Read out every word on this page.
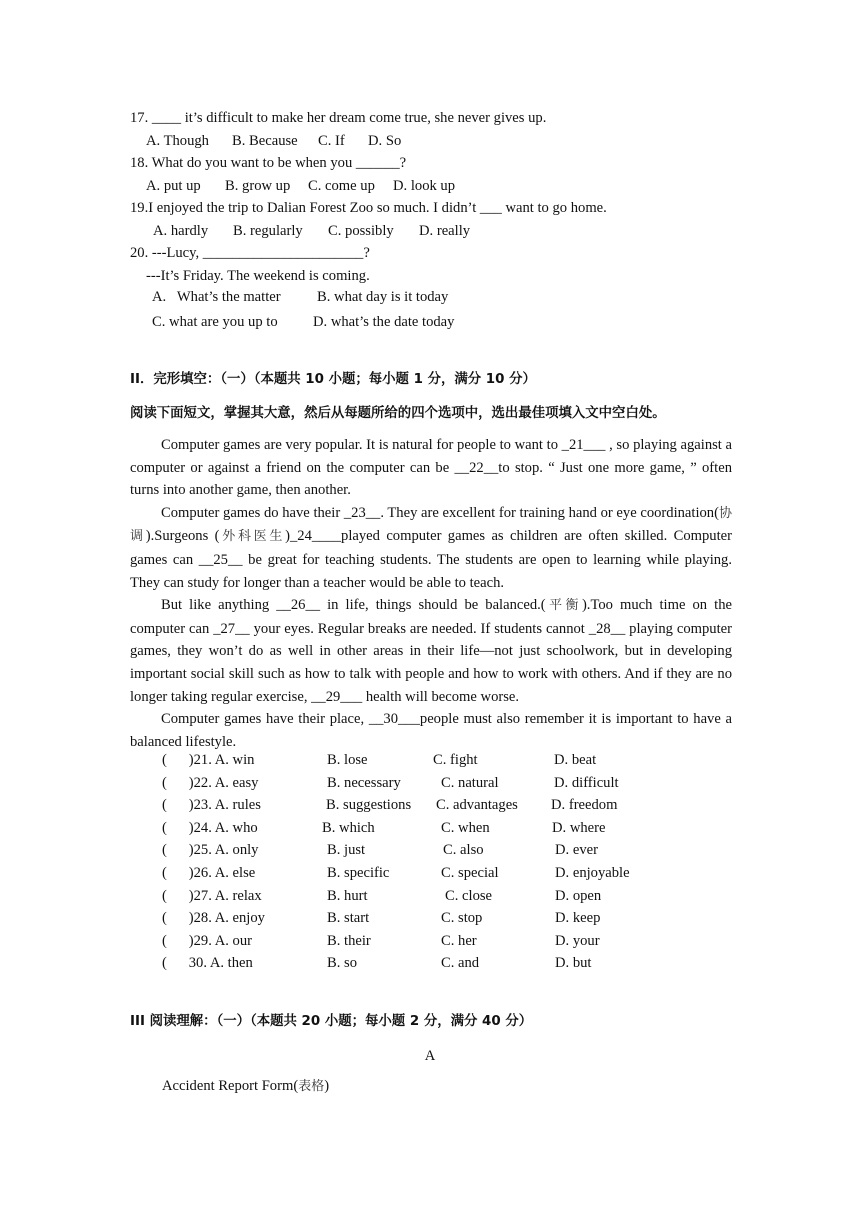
17. ____ it’s difficult to make her dream come true, she never gives up.
A. Though B. Because C. If D. So
18. What do you want to be when you ______?
A. put up B. grow up C. come up D. look up
19.I enjoyed the trip to Dalian Forest Zoo so much. I didn’t ___ want to go home.
A. hardly B. regularly C. possibly D. really
20. ---Lucy, ______________________?
---It’s Friday. The weekend is coming.
A.   What’s the matter B. what day is it today
C. what are you up to D. what’s the date today
II．完形填空：（一）（本题共 10 小题；每小题 1 分，满分 10 分）
阅读下面短文，掌握其大意，然后从每题所给的四个选项中，选出最佳项填入文中空白处。

Computer games are very popular. It is natural for people to want to _21___ , so playing against a computer or against a friend on the computer can be __22__to stop. “ Just one more game, ” often turns into another game, then another.

Computer games do have their _23__. They are excellent for training hand or eye coordination(协调).Surgeons (外科医生)_24____played computer games as children are often skilled. Computer games can __25__ be great for teaching students. The students are open to learning while playing. They can study for longer than a teacher would be able to teach.

But like anything __26__ in life, things should be balanced.(平衡).Too much time on the computer can _27__ your eyes. Regular breaks are needed. If students cannot _28__ playing computer games, they won’t do as well in other areas in their life—not just schoolwork, but in developing important social skill such as how to talk with people and how to work with others. And if they are no longer taking regular exercise, __29___ health will become worse.

Computer games have their place, __30___people must also remember it is important to have a balanced lifestyle.

(      )21. A. win	B. lose	C. fight	D. beat
(      )22. A. easy	B. necessary	C. natural	D. difficult
(      )23. A. rules	B. suggestions C. advantages D. freedom
(      )24. A. who	B. which	C. when	D. where
(      )25. A. only	B. just	C. also	D. ever
(      )26. A. else	B. specific	C. special	D. enjoyable
(      )27. A. relax	B. hurt	C. close	D. open
(      )28. A. enjoy	B. start	C. stop	D. keep
(      )29. A. our	B. their	C. her	D. your
(      30. A. then	B. so	C. and	D. but
III 阅读理解：（一）（本题共 20 小题；每小题 2 分，满分 40 分）
A
Accident Report Form(表格)
